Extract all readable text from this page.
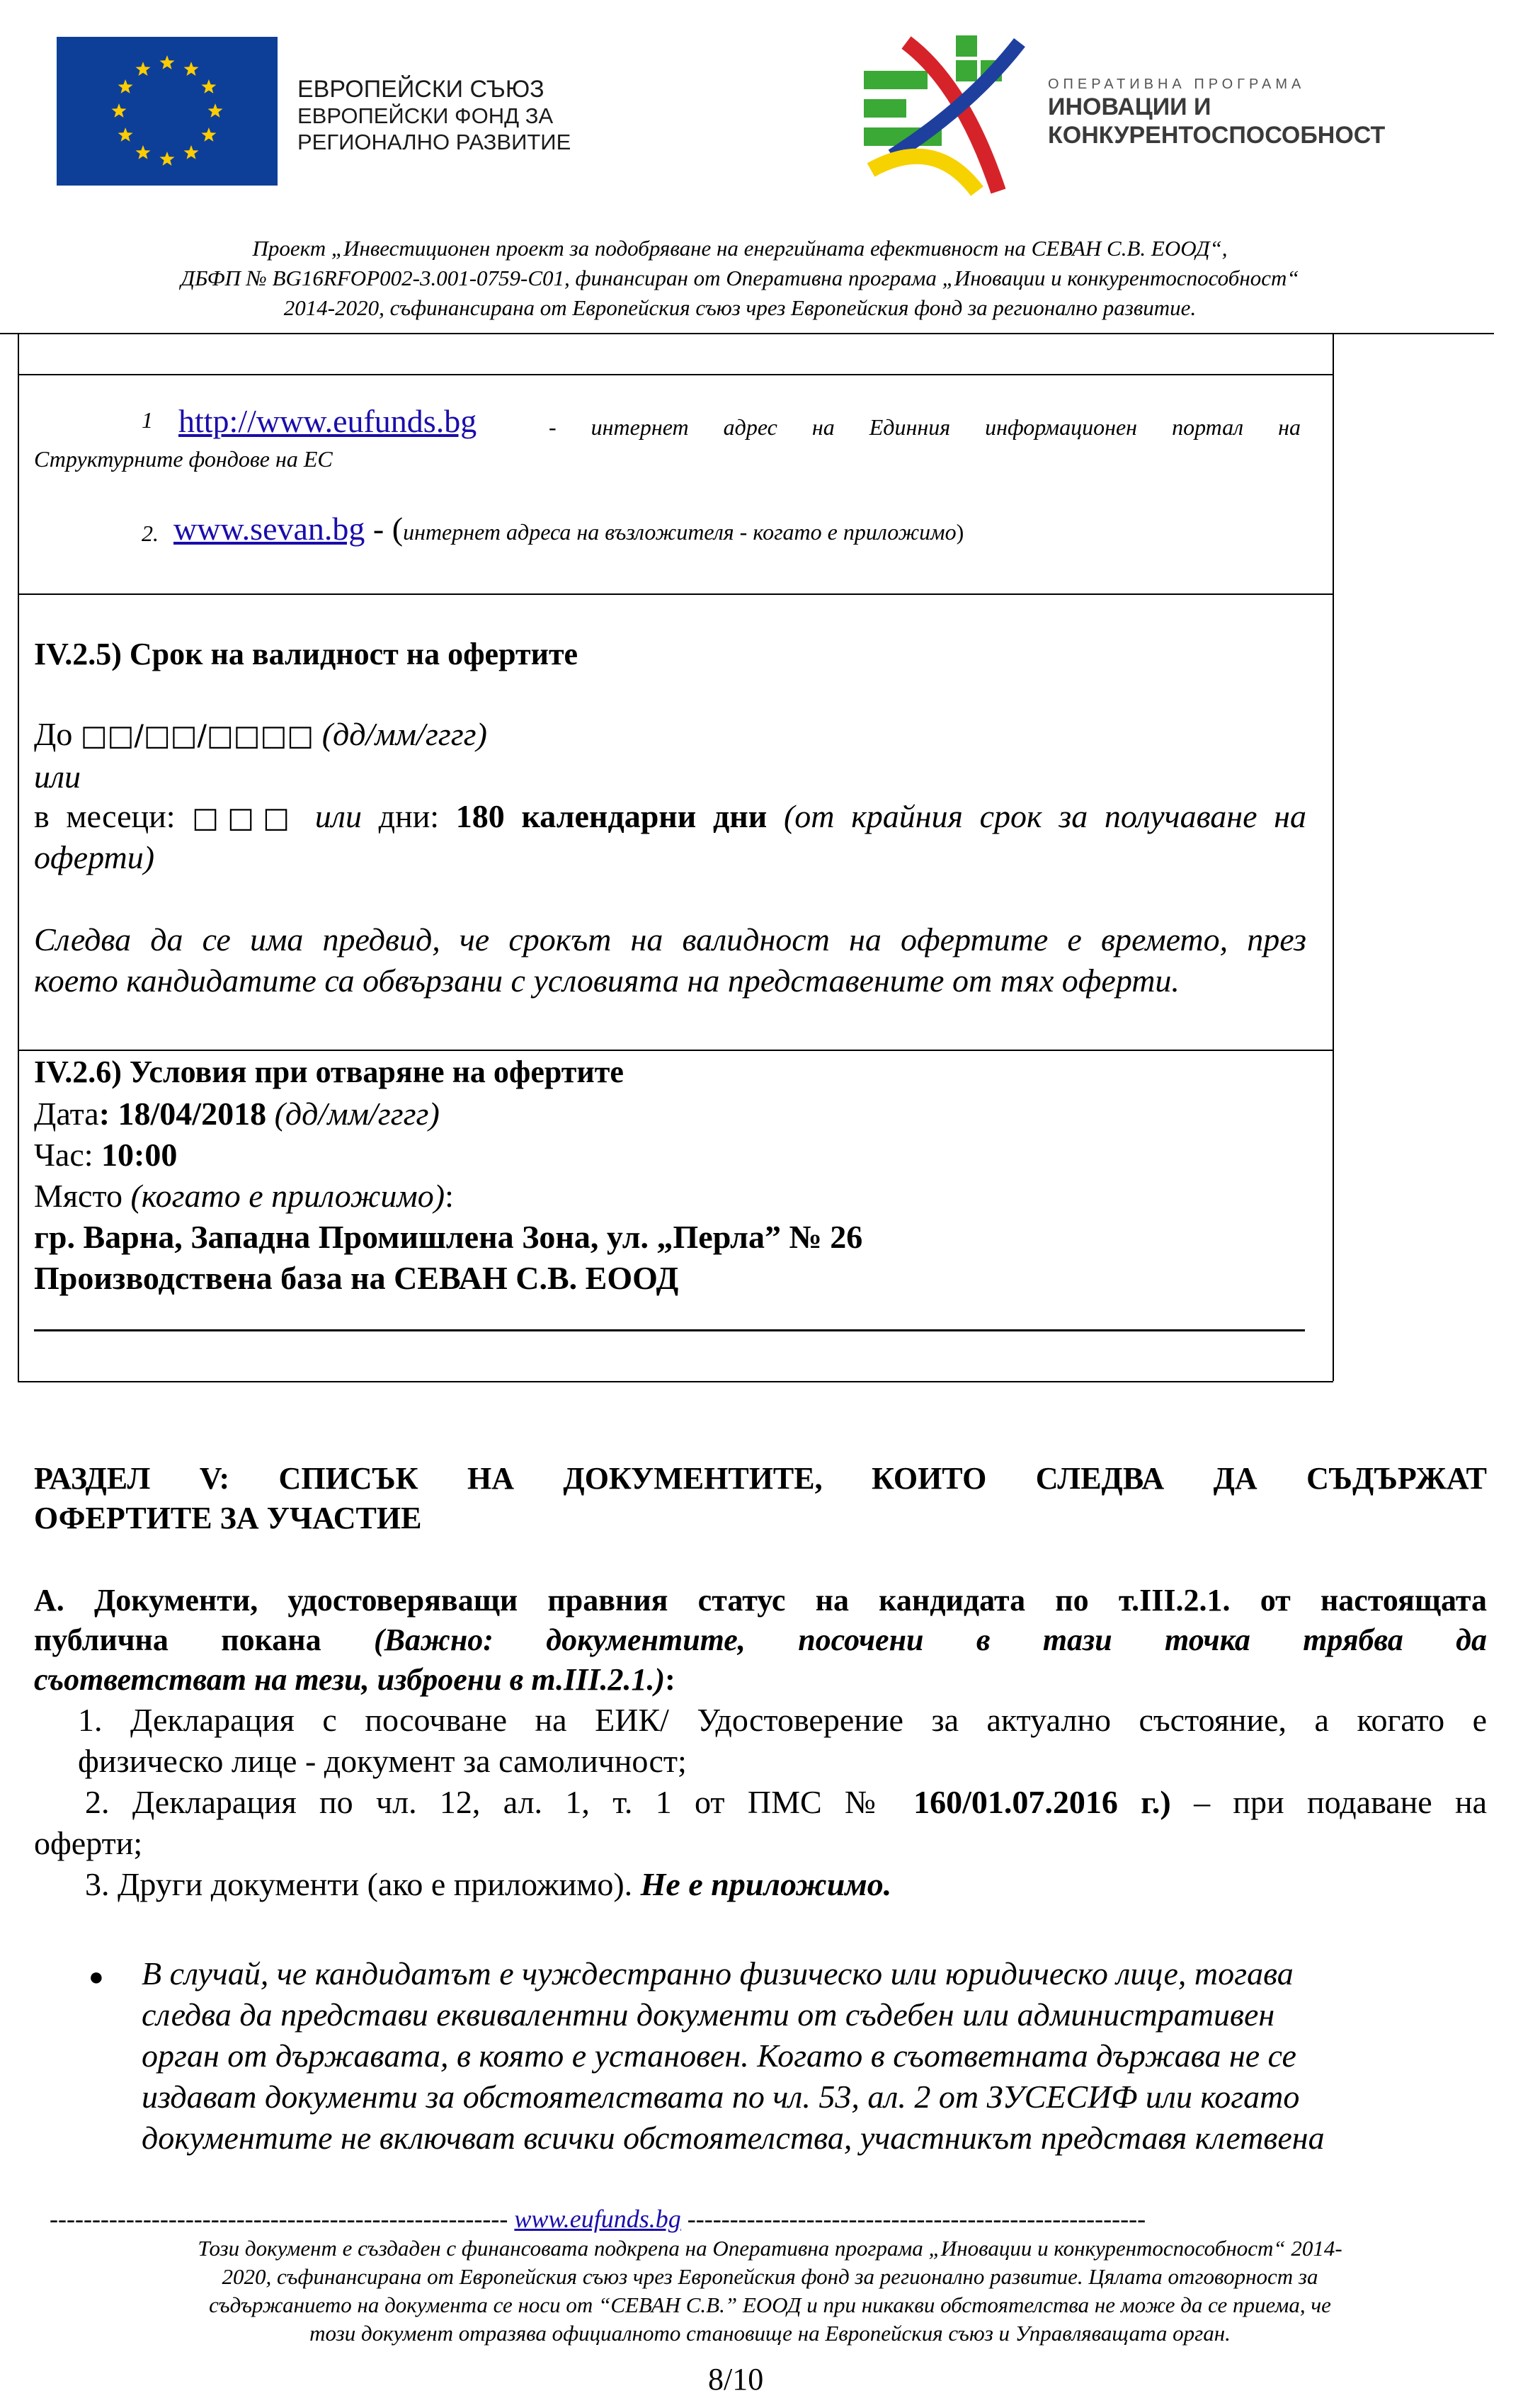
ЕВРОПЕЙСКИ СЪЮЗ
ЕВРОПЕЙСКИ ФОНД ЗА
РЕГИОНАЛНО РАЗВИТИЕ
ОПЕРАТИВНА ПРОГРАМА
ИНОВАЦИИ И
КОНКУРЕНТОСПОСОБНОСТ
Проект „Инвестиционен проект за подобряване на енергийната ефективност на СЕВАН С.В. ЕООД“,
ДБФП № BG16RFOP002-3.001-0759-C01, финансиран от Оперативна програма „Иновации и конкурентоспособност“
2014-2020, съфинансирана от Европейския съюз чрез Европейския фонд за регионално развитие.
1 http://www.eufunds.bg	- интернет адрес на Единния информационен портал на
Структурните фондове на ЕС
2. www.sevan.bg - (интернет адреса на възложителя - когато е приложимо)
IV.2.5) Срок на валидност на офертите
До □□/□□/□□□□ (дд/мм/гггг)
или
в месеци: □□□ или дни: 180 календарни дни (от крайния срок за получаване на
оферти)
Следва да се има предвид, че срокът на валидност на офертите е времето, през
което кандидатите са обвързани с условията на представените от тях оферти.
IV.2.6) Условия при отваряне на офертите
Дата: 18/04/2018 (дд/мм/гггг)
Час: 10:00
Място (когато е приложимо):
гр. Варна, Западна Промишлена Зона, ул. „Перла” № 26
Производствена база на СЕВАН С.В. ЕООД
РАЗДЕЛ V: СПИСЪК НА ДОКУМЕНТИТЕ, КОИТО СЛЕДВА ДА СЪДЪРЖАТ
ОФЕРТИТЕ ЗА УЧАСТИЕ
А. Документи, удостоверяващи правния статус на кандидата по т.III.2.1. от настоящата
публична покана (Важно: документите, посочени в тази точка трябва да
съответстват на тези, изброени в т.III.2.1.):
1. Декларация с посочване на ЕИК/ Удостоверение за актуално състояние, а когато е
физическо лице - документ за самоличност;
2. Декларация по чл. 12, ал. 1, т. 1 от ПМС № 160/01.07.2016 г.) – при подаване на
оферти;
3. Други документи (ако е приложимо). Не е приложимо.
● В случай, че кандидатът е чуждестранно физическо или юридическо лице, тогава
следва да представи еквивалентни документи от съдебен или административен
орган от държавата, в която е установен. Когато в съответната държава не се
издават документи за обстоятелствата по чл. 53, ал. 2 от ЗУСЕСИФ или когато
документите не включват всички обстоятелства, участникът представя клетвена
------------------------------------------------------ www.eufunds.bg ------------------------------------------------------
Този документ е създаден с финансовата подкрепа на Оперативна програма „Иновации и конкурентоспособност“ 2014-
2020, съфинансирана от Европейския съюз чрез Европейския фонд за регионално развитие. Цялата отговорност за
съдържанието на документа се носи от “СЕВАН С.В.” ЕООД и при никакви обстоятелства не може да се приема, че
този документ отразява официалното становище на Европейския съюз и Управляващата орган.
8/10
